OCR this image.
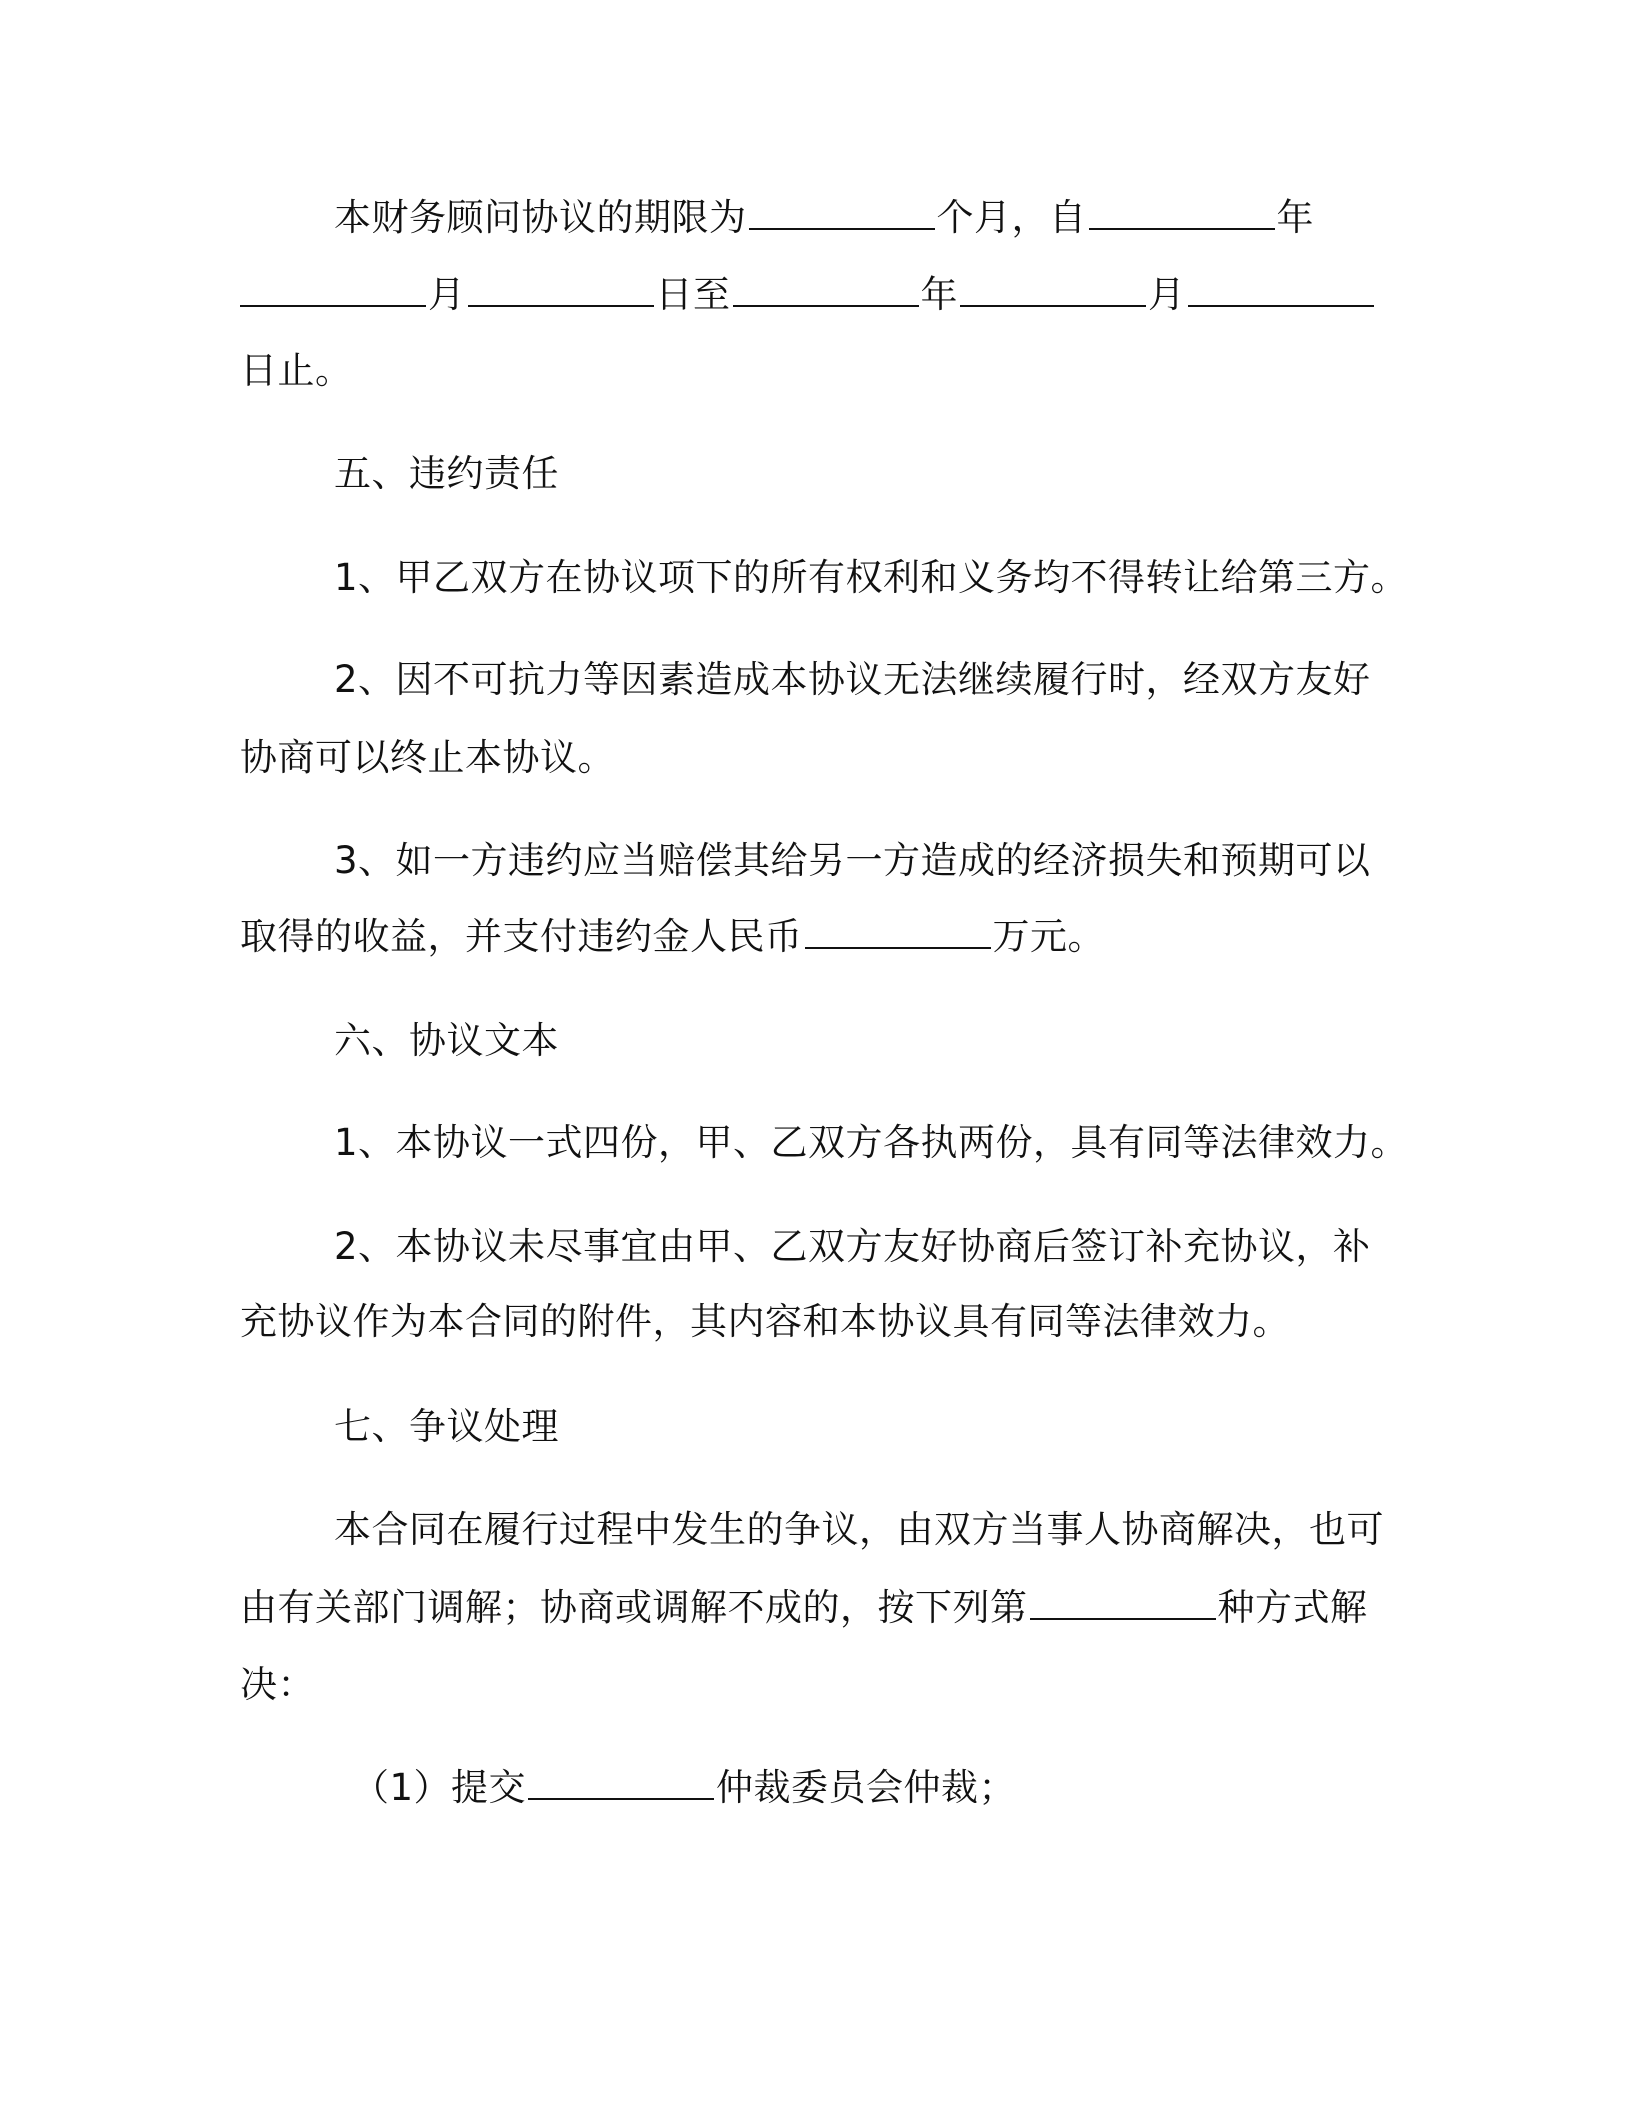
本财务顾问协议的期限为	个月，自	年
月	日至	年	月
日止。
五、违约责任
1、甲乙双方在协议项下的所有权利和义务均不得转让给第三方。
2、因不可抗力等因素造成本协议无法继续履行时，经双方友好
协商可以终止本协议。
3、如一方违约应当赔偿其给另一方造成的经济损失和预期可以
取得的收益，并支付违约金人民币	万元。
六、协议文本
1、本协议一式四份，甲、乙双方各执两份，具有同等法律效力。
2、本协议未尽事宜由甲、乙双方友好协商后签订补充协议，补
充协议作为本合同的附件，其内容和本协议具有同等法律效力。
七、争议处理
本合同在履行过程中发生的争议，由双方当事人协商解决，也可
由有关部门调解；协商或调解不成的，按下列第	种方式解
决：
（1）提交	仲裁委员会仲裁；
